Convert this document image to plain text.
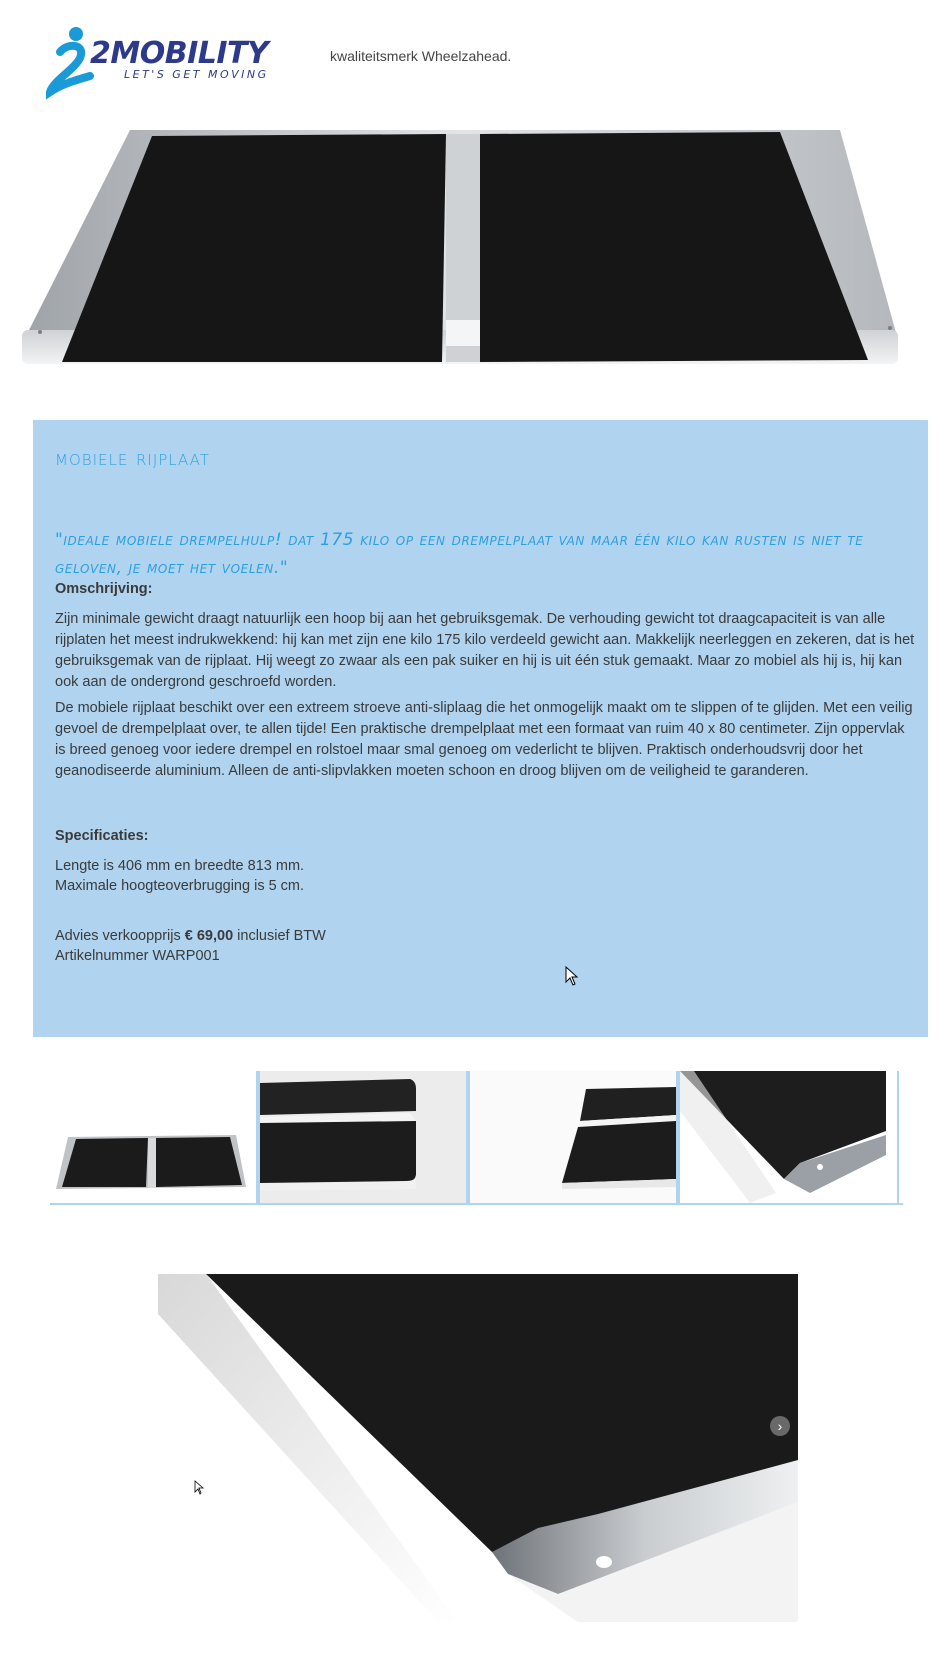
2MOBILITY
LET'S GET MOVING
kwaliteitsmerk Wheelzahead.
mobiele rijplaat

"ideale mobiele drempelhulp! dat 175 kilo op een drempelplaat van maar één kilo kan rusten is niet te geloven, je moet het voelen."

Omschrijving:

Zijn minimale gewicht draagt natuurlijk een hoop bij aan het gebruiksgemak. De verhouding gewicht tot draagcapaciteit is van alle rijplaten het meest indrukwekkend: hij kan met zijn ene kilo 175 kilo verdeeld gewicht aan. Makkelijk neerleggen en zekeren, dat is het gebruiksgemak van de rijplaat. Hij weegt zo zwaar als een pak suiker en hij is uit één stuk gemaakt. Maar zo mobiel als hij is, hij kan ook aan de ondergrond geschroefd worden.

De mobiele rijplaat beschikt over een extreem stroeve anti-sliplaag die het onmogelijk maakt om te slippen of te glijden. Met een veilig gevoel de drempelplaat over, te allen tijde! Een praktische drempelplaat met een formaat van ruim 40 x 80 centimeter. Zijn oppervlak is breed genoeg voor iedere drempel en rolstoel maar smal genoeg om vederlicht te blijven. Praktisch onderhoudsvrij door het geanodiseerde aluminium. Alleen de anti-slipvlakken moeten schoon en droog blijven om de veiligheid te garanderen.

Specificaties:

Lengte is 406 mm en breedte 813 mm.

Maximale hoogteoverbrugging is 5 cm.

Advies verkoopprijs € 69,00 inclusief BTW

Artikelnummer WARP001

›
